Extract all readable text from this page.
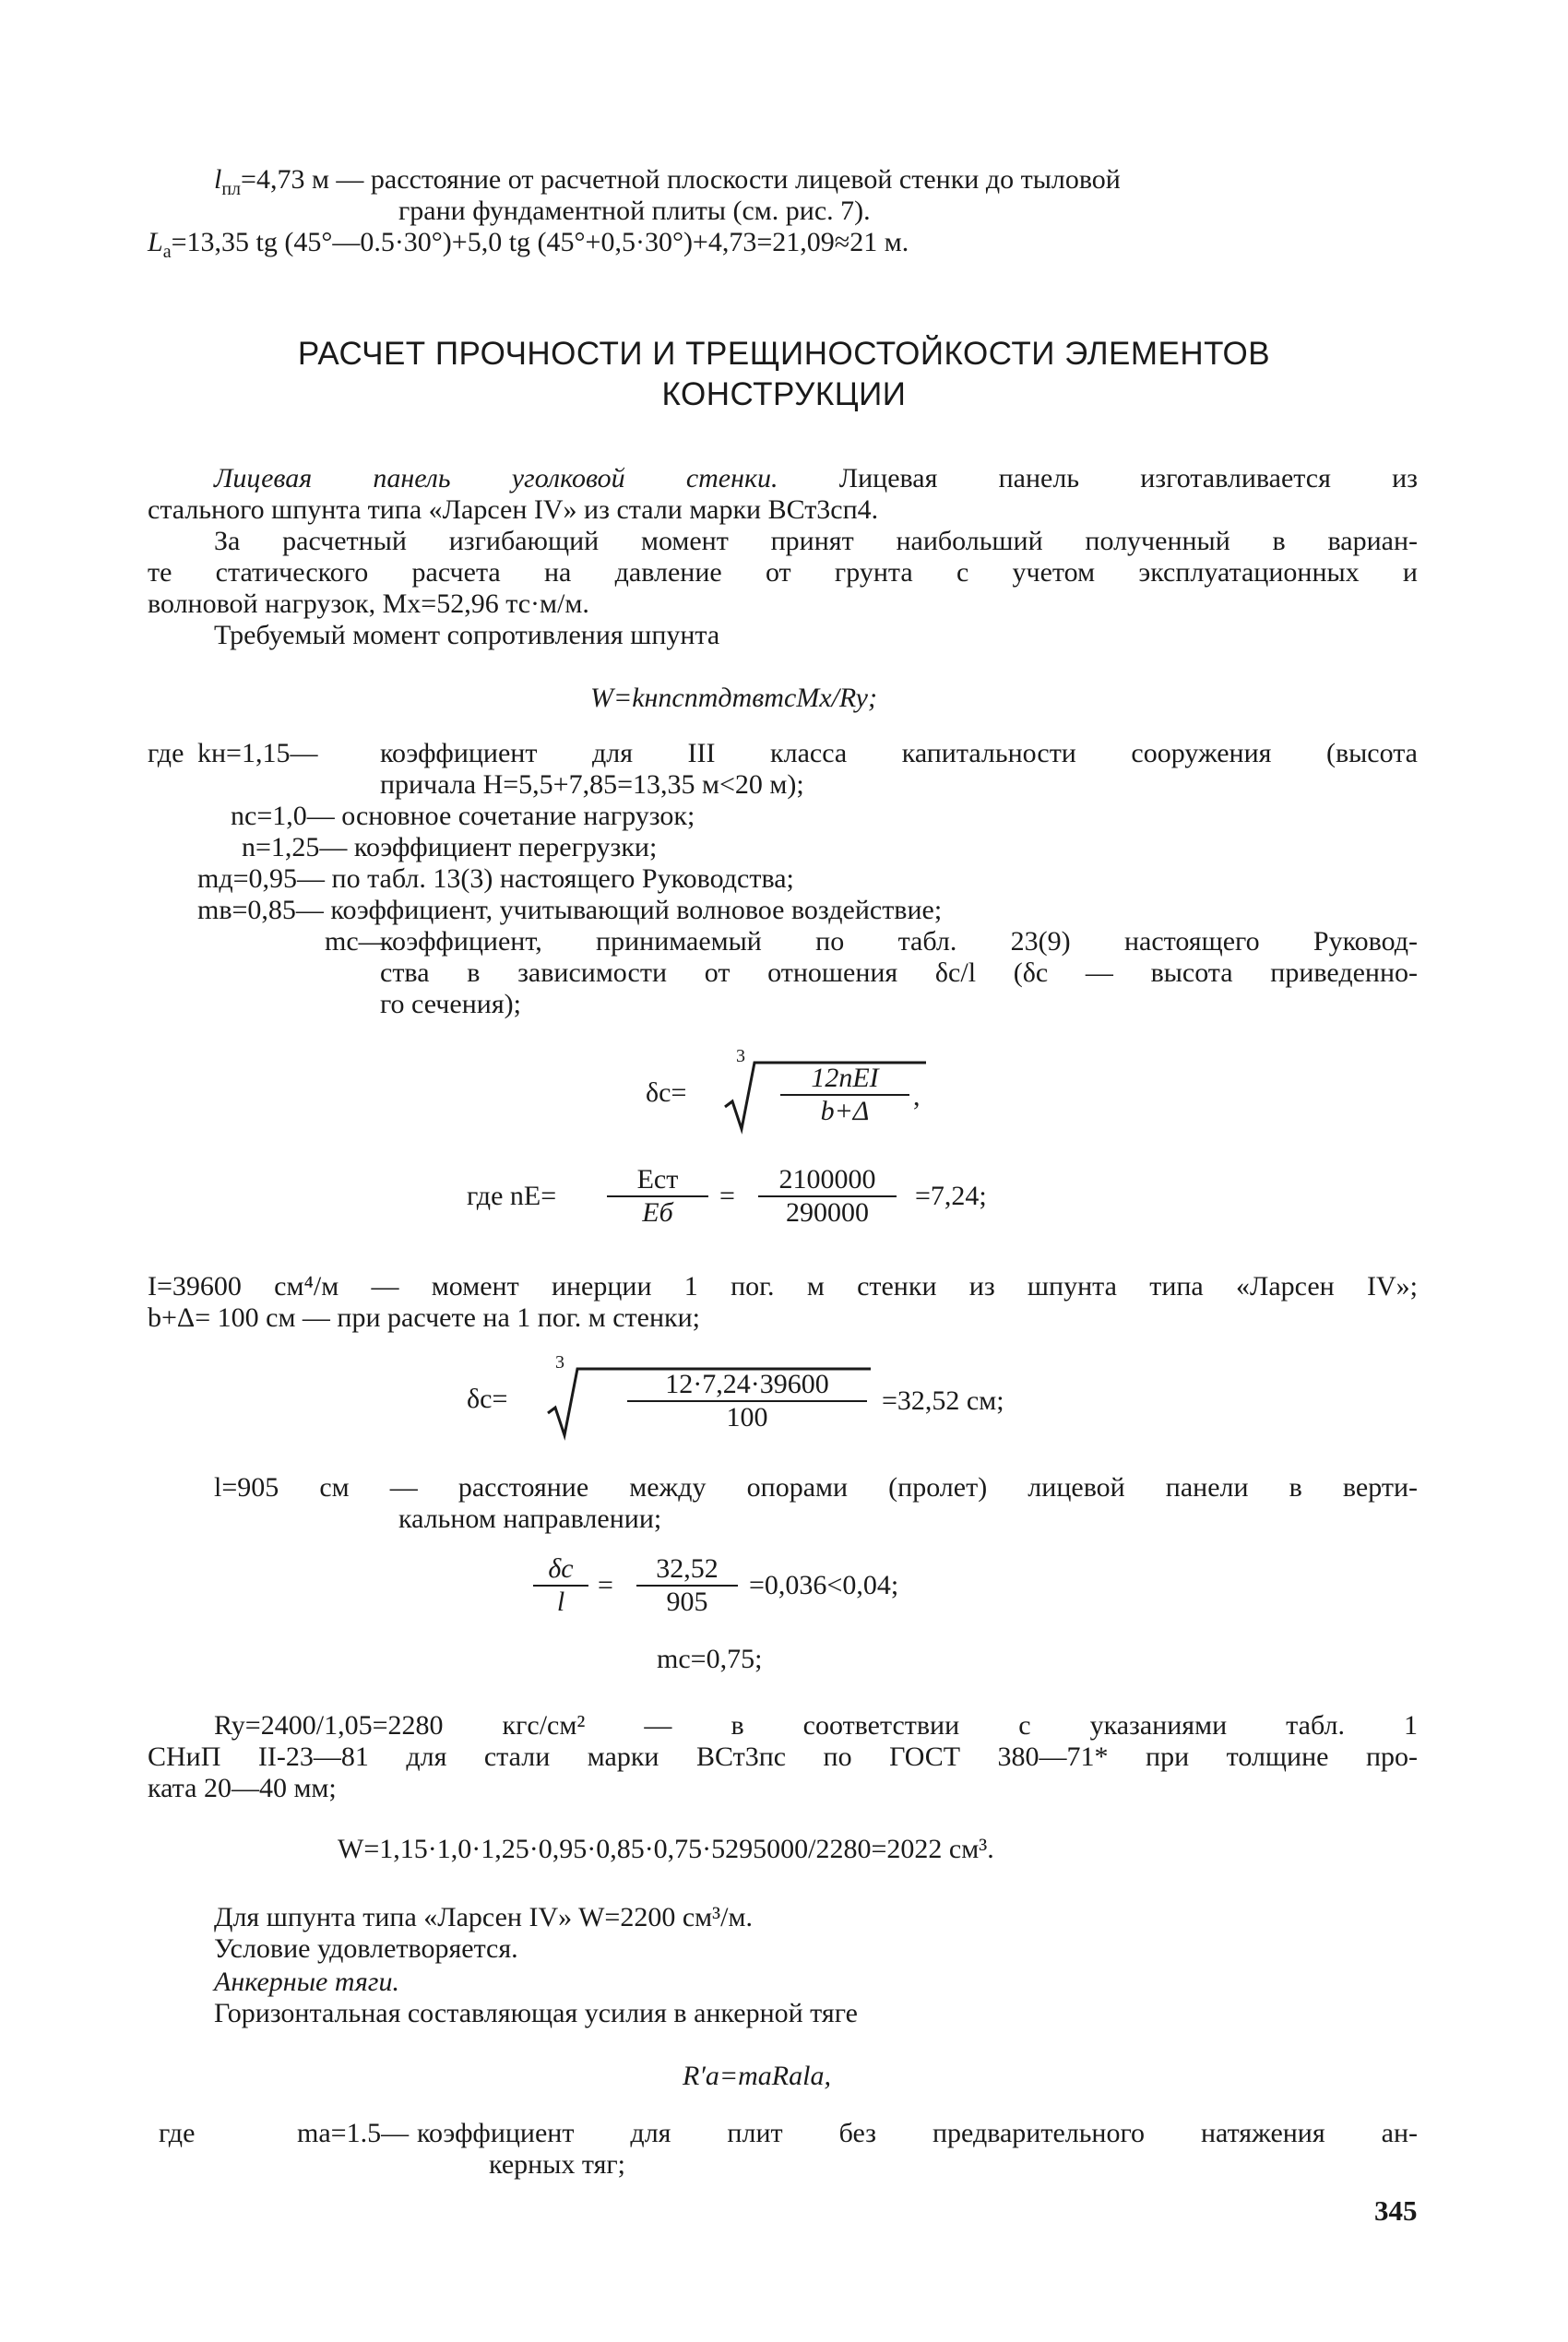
$l_{пл}=4,73$ м — расстояние от расчетной плоскости лицевой стенки до тыловой
грани фундаментной плиты (см. рис. 7).
$L_a=13,35$ tg (45°—0.5·30°)+5,0 tg (45°+0,5·30°)+4,73=21,09≈21 м.
РАСЧЕТ ПРОЧНОСТИ И ТРЕЩИНОСТОЙКОСТИ ЭЛЕМЕНТОВ
КОНСТРУКЦИИ
Лицевая панель уголковой стенки. Лицевая панель изготавливается из
стального шпунта типа «Ларсен IV» из стали марки ВСт3сп4.
За расчетный изгибающий момент принят наибольший полученный в вариан-
те статического расчета на давление от грунта с учетом эксплуатационных и
волновой нагрузок, Mx=52,96 тс·м/м.
Требуемый момент сопротивления шпунта
W=kнncnmдmвmcMx/Ry;
где kн=1,15— коэффициент для III класса капитальности сооружения (высота
причала H=5,5+7,85=13,35 м<20 м);
nc=1,0— основное сочетание нагрузок;
n=1,25— коэффициент перегрузки;
mд=0,95— по табл. 13(3) настоящего Руководства;
mв=0,85— коэффициент, учитывающий волновое воздействие;
mc—
коэффициент, принимаемый по табл. 23(9) настоящего Руковод-
ства в зависимости от отношения δc/l (δc — высота приведенно-
го сечения);
δc=
3
12nEI
b+Δ	,
где nE=
Eст
Eб
=
2100000
290000
=7,24;
I=39600 см⁴/м — момент инерции 1 пог. м стенки из шпунта типа «Ларсен IV»;
b+Δ= 100 см — при расчете на 1 пог. м стенки;
δc=
3
12·7,24·39600
100
=32,52 см;
l=905 см — расстояние между опорами (пролет) лицевой панели в верти-
кальном направлении;
δc
l
=
32,52
905
=0,036<0,04;
mc=0,75;
Ry=2400/1,05=2280 кгс/см² — в соответствии с указаниями табл. 1
СНиП II-23—81 для стали марки ВСт3пс по ГОСТ 380—71* при толщине про-
ката 20—40 мм;
W=1,15·1,0·1,25·0,95·0,85·0,75·5295000/2280=2022 см³.
Для шпунта типа «Ларсен IV» W=2200 см³/м.
Условие удовлетворяется.
Анкерные тяги.
Горизонтальная составляющая усилия в анкерной тяге
R′a=maRala,
где	ma=1.5— коэффициент для плит без предварительного натяжения ан-
керных тяг;
345
